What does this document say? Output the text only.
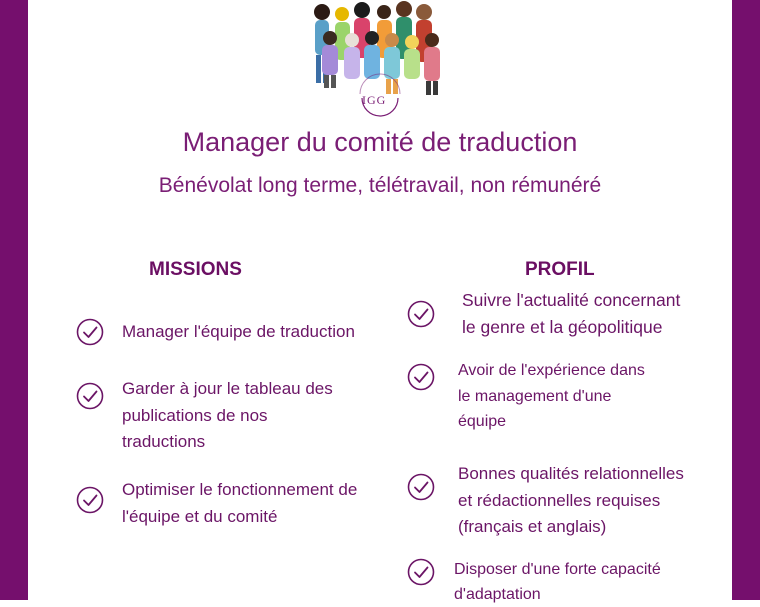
IGG
Manager du comité de traduction
Bénévolat long terme, télétravail, non rémunéré
MISSIONS	PROFIL
Manager l'équipe de traduction
Garder à jour le tableau des
publications de nos
traductions
Optimiser le fonctionnement de
l'équipe et du comité
Suivre l'actualité concernant
le genre et la géopolitique
Avoir de l'expérience dans
le management d'une
équipe
Bonnes qualités relationnelles
et rédactionnelles requises
(français et anglais)
Disposer d'une forte capacité
d'adaptation
